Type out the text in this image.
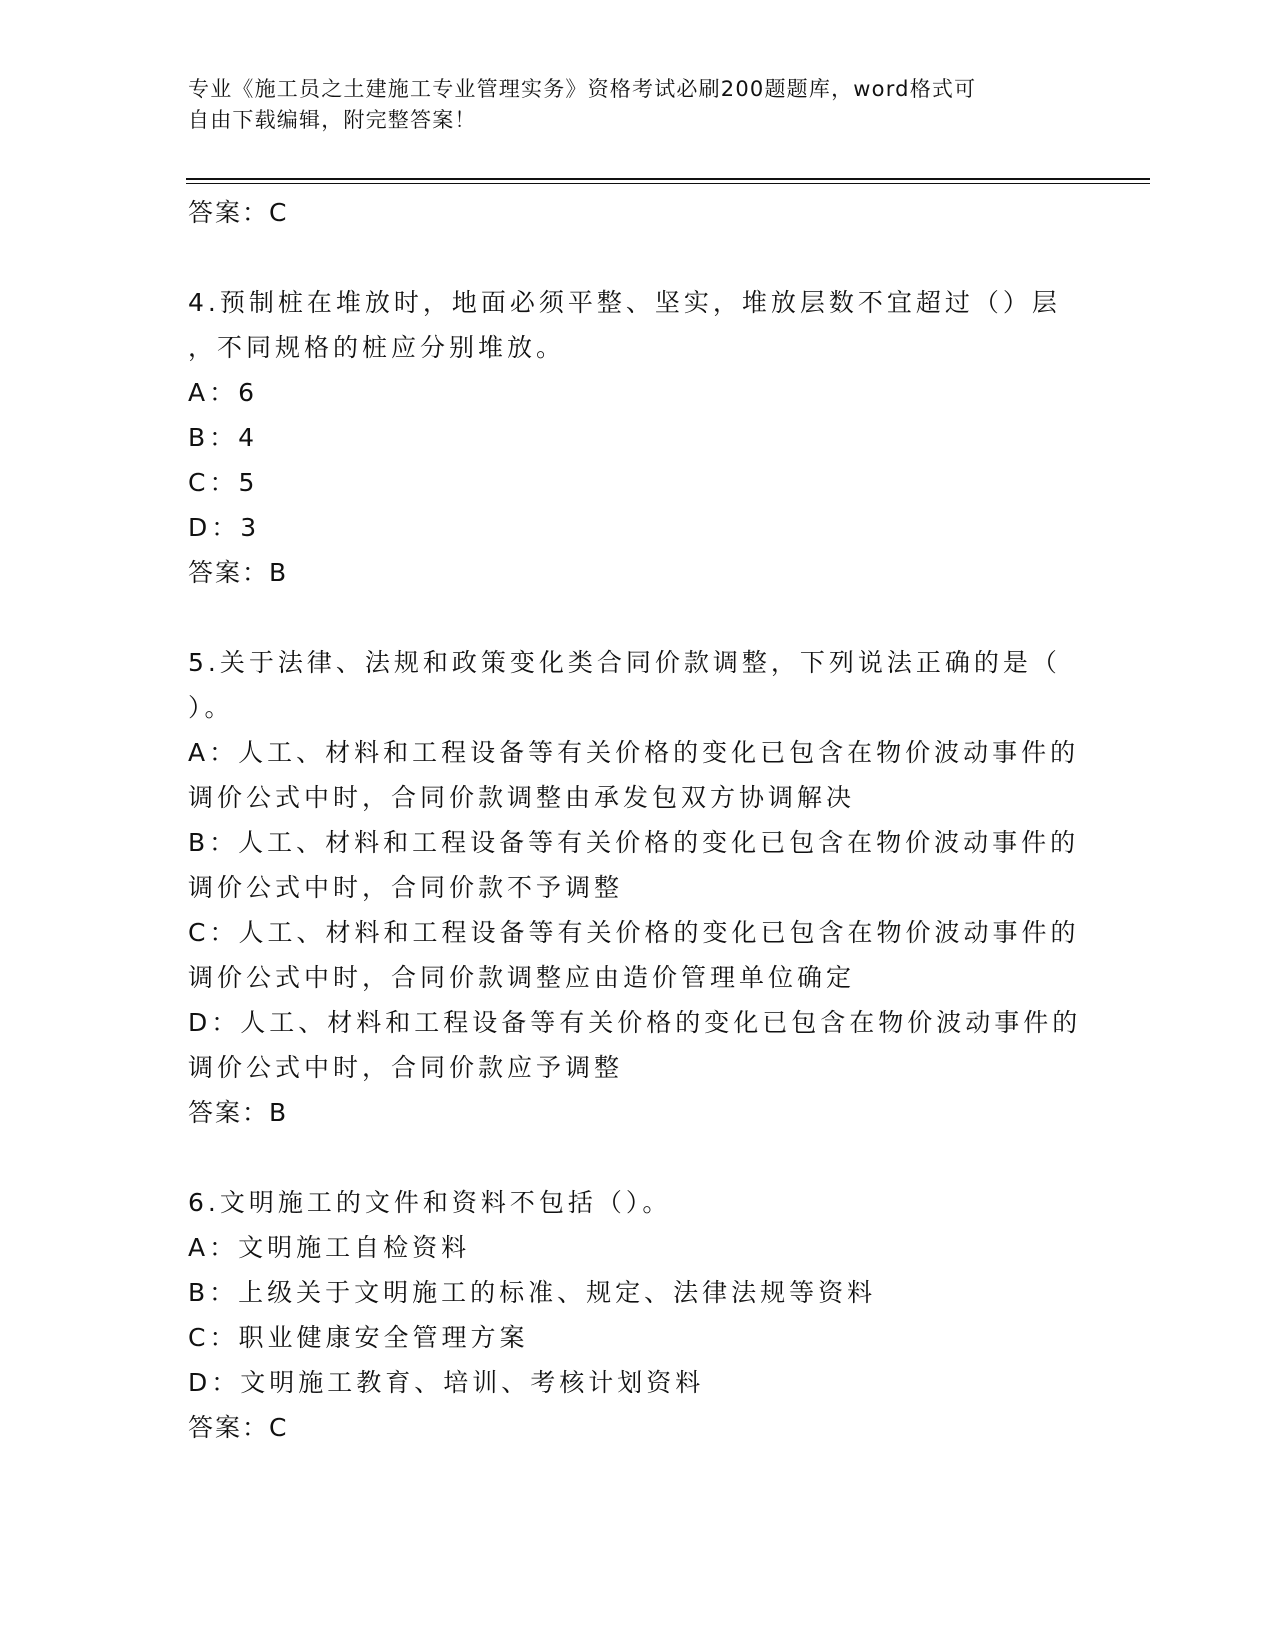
专业《施工员之土建施工专业管理实务》资格考试必刷200题题库，word格式可
自由下载编辑，附完整答案！
答案：C
4.预制桩在堆放时，地面必须平整、坚实，堆放层数不宜超过（）层
，不同规格的桩应分别堆放。
A：6
B：4
C：5
D：3
答案：B
5.关于法律、法规和政策变化类合同价款调整，下列说法正确的是（
）。
A：人工、材料和工程设备等有关价格的变化已包含在物价波动事件的
调价公式中时，合同价款调整由承发包双方协调解决
B：人工、材料和工程设备等有关价格的变化已包含在物价波动事件的
调价公式中时，合同价款不予调整
C：人工、材料和工程设备等有关价格的变化已包含在物价波动事件的
调价公式中时，合同价款调整应由造价管理单位确定
D：人工、材料和工程设备等有关价格的变化已包含在物价波动事件的
调价公式中时，合同价款应予调整
答案：B
6.文明施工的文件和资料不包括（）。
A：文明施工自检资料
B：上级关于文明施工的标准、规定、法律法规等资料
C：职业健康安全管理方案
D：文明施工教育、培训、考核计划资料
答案：C
